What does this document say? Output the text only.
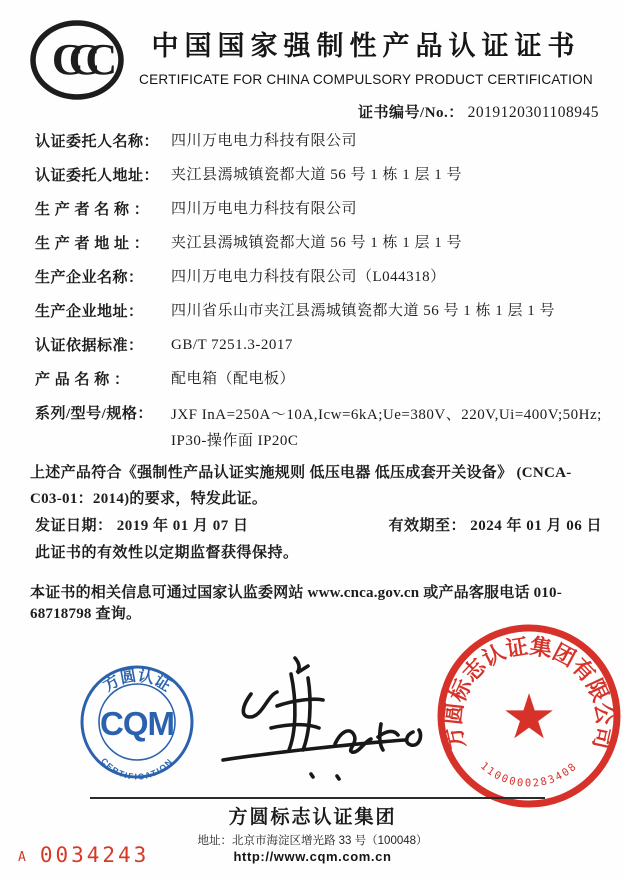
CCC	中国国家强制性产品认证证书
CERTIFICATE FOR CHINA COMPULSORY PRODUCT CERTIFICATION
证书编号/No.： 2019120301108945
认证委托人名称： 四川万电电力科技有限公司
认证委托人地址： 夹江县漹城镇瓷都大道 56 号 1 栋 1 层 1 号
生 产 者 名 称 ：	四川万电电力科技有限公司
生 产 者 地 址 ：	夹江县漹城镇瓷都大道 56 号 1 栋 1 层 1 号
生产企业名称：	四川万电电力科技有限公司（L044318）
生产企业地址：	四川省乐山市夹江县漹城镇瓷都大道 56 号 1 栋 1 层 1 号
认证依据标准：	GB/T 7251.3-2017
产 品 名 称 ：	配电箱（配电板）
系列/型号/规格：	JXF InA=250A～10A,Icw=6kA;Ue=380V、220V,Ui=400V;50Hz;IP30-操作面 IP20C
上述产品符合《强制性产品认证实施规则 低压电器 低压成套开关设备》 (CNCA-C03-01：2014)的要求，特发此证。
发证日期： 2019 年 01 月 07 日	有效期至： 2024 年 01 月 06 日
此证书的有效性以定期监督获得保持。
本证书的相关信息可通过国家认监委网站 www.cnca.gov.cn 或产品客服电话 010-68718798 查询。
方圆认证
CQM
CERTIFICATION
方圆标志认证集团有限公司
★
1100000283408
方圆标志认证集团
地址：北京市海淀区增光路 33 号（100048）
http://www.cqm.com.cn
A 0034243
